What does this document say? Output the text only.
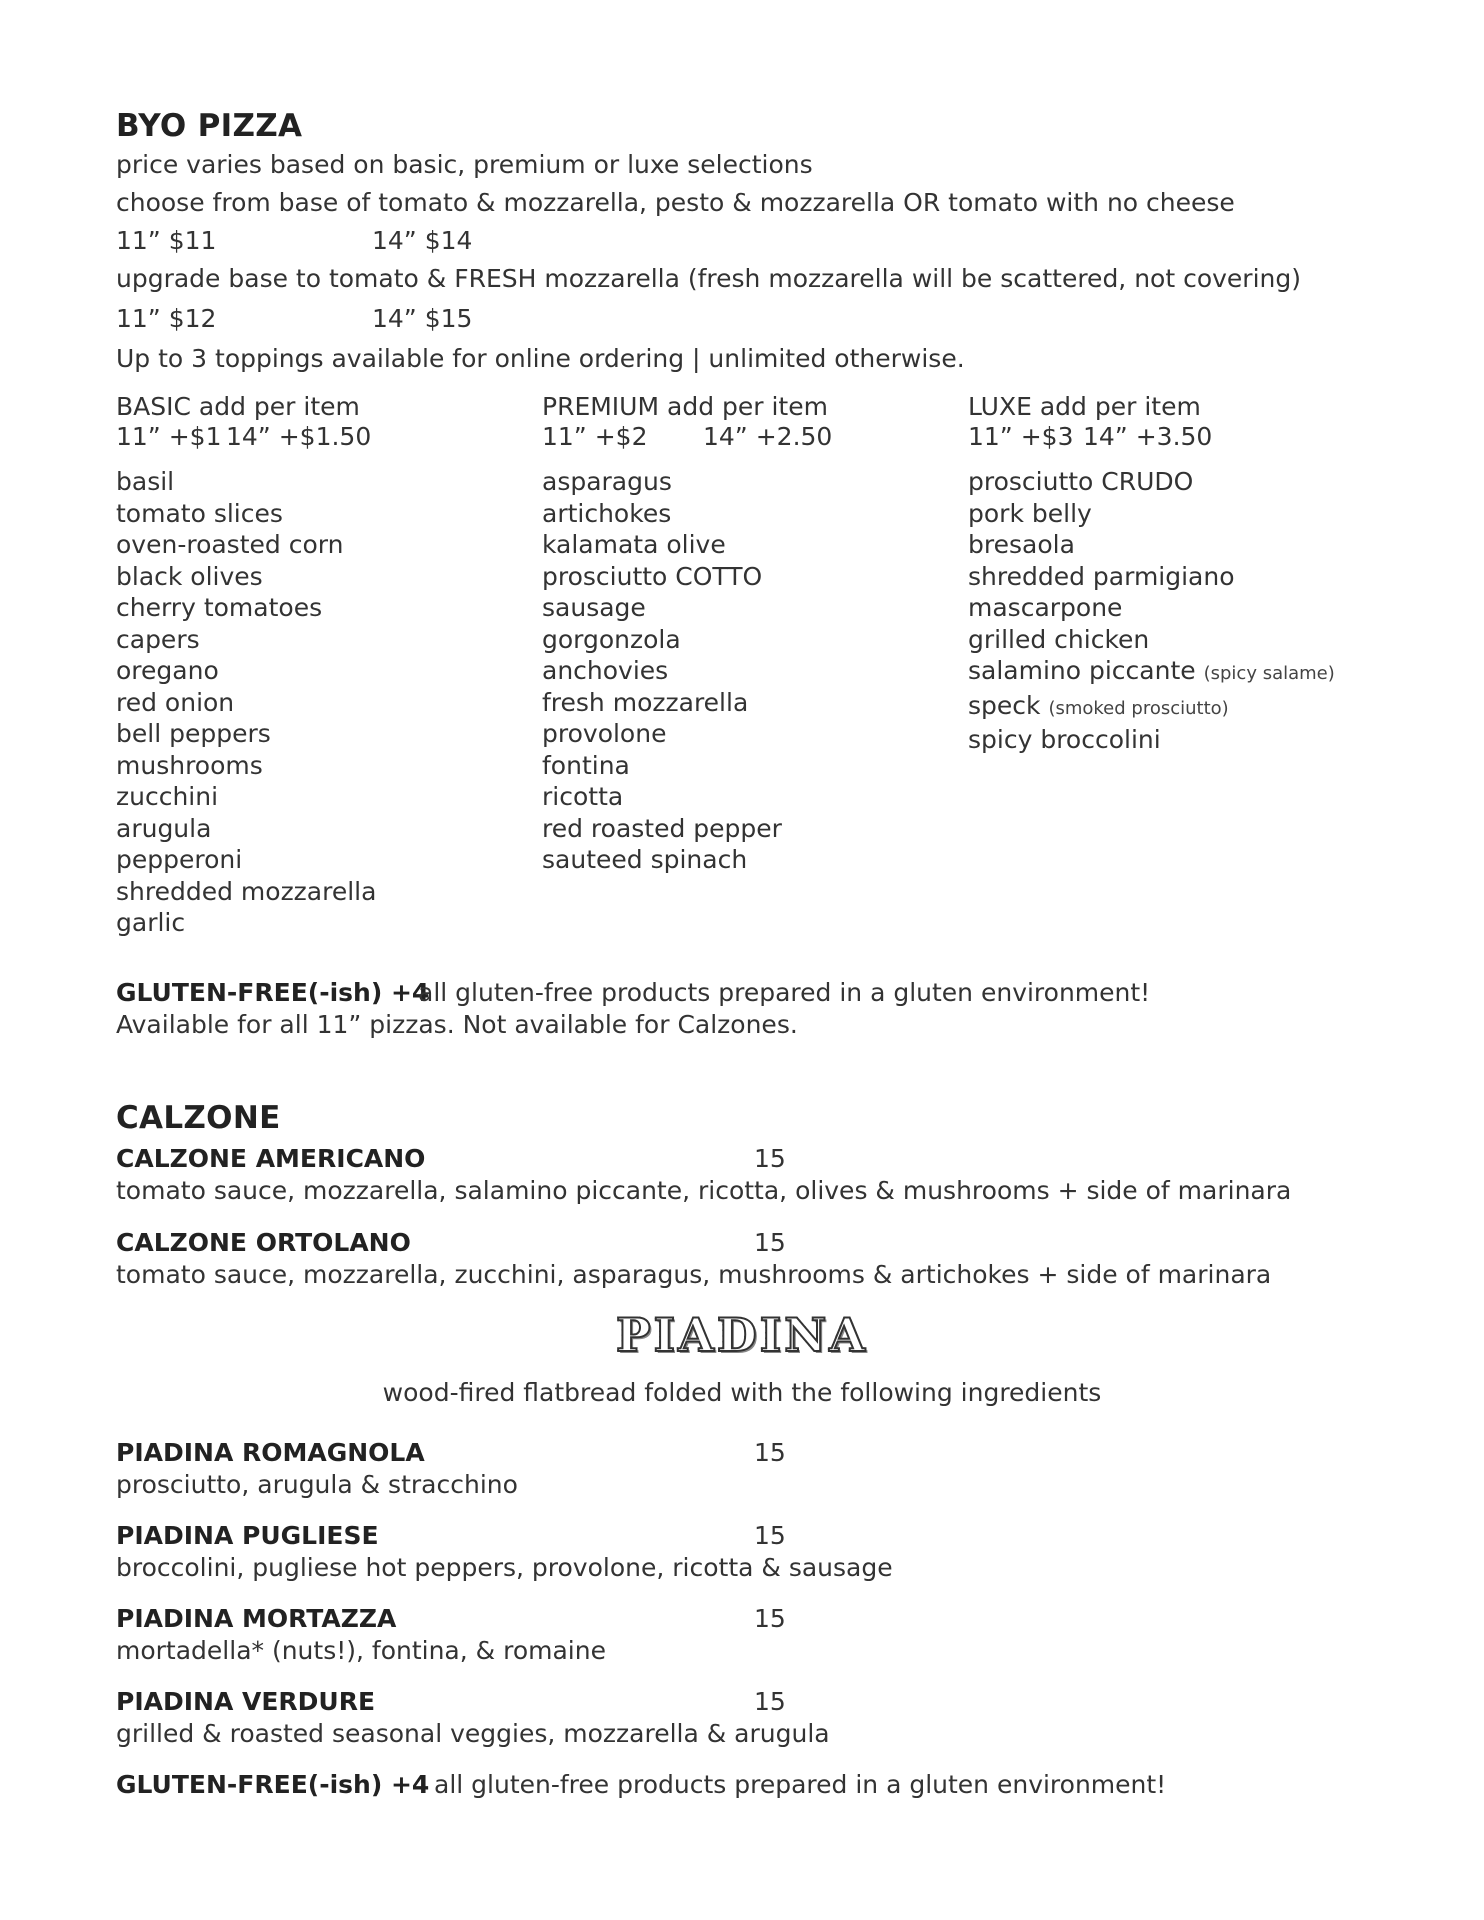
BYO PIZZA
price varies based on basic, premium or luxe selections
choose from base of tomato & mozzarella, pesto & mozzarella OR tomato with no cheese
11” $11	14” $14
upgrade base to tomato & FRESH mozzarella (fresh mozzarella will be scattered, not covering)
11” $12	14” $15
Up to 3 toppings available for online ordering | unlimited otherwise.
BASIC add per item
11” +$1 14” +$1.50
PREMIUM add per item
11” +$2 14” +2.50
LUXE add per item
11” +$3 14” +3.50
basil
tomato slices
oven-roasted corn
black olives
cherry tomatoes
capers
oregano
red onion
bell peppers
mushrooms
zucchini
arugula
pepperoni
shredded mozzarella
garlic
asparagus
artichokes
kalamata olive
prosciutto COTTO
sausage
gorgonzola
anchovies
fresh mozzarella
provolone
fontina
ricotta
red roasted pepper
sauteed spinach
prosciutto CRUDO
pork belly
bresaola
shredded parmigiano
mascarpone
grilled chicken
salamino piccante (spicy salame)
speck (smoked prosciutto)
spicy broccolini
GLUTEN-FREE(-ish) +4
all gluten-free products prepared in a gluten environment!
Available for all 11” pizzas. Not available for Calzones.
CALZONE
CALZONE AMERICANO	15
tomato sauce, mozzarella, salamino piccante, ricotta, olives & mushrooms + side of marinara
CALZONE ORTOLANO	15
tomato sauce, mozzarella, zucchini, asparagus, mushrooms & artichokes + side of marinara
PIADINA
wood-fired flatbread folded with the following ingredients
PIADINA ROMAGNOLA	15
prosciutto, arugula & stracchino
PIADINA PUGLIESE	15
broccolini, pugliese hot peppers, provolone, ricotta & sausage
PIADINA MORTAZZA	15
mortadella* (nuts!), fontina, & romaine
PIADINA VERDURE	15
grilled & roasted seasonal veggies, mozzarella & arugula
GLUTEN-FREE(-ish) +4 all gluten-free products prepared in a gluten environment!
